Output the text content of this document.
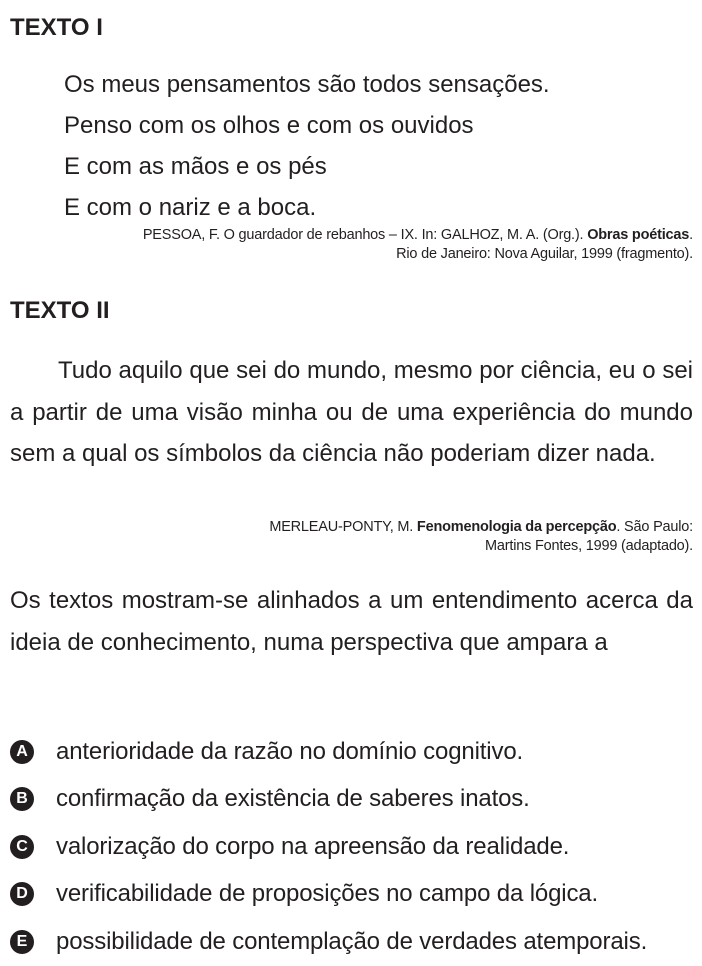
TEXTO I
Os meus pensamentos são todos sensações.
Penso com os olhos e com os ouvidos
E com as mãos e os pés
E com o nariz e a boca.
PESSOA, F. O guardador de rebanhos – IX. In: GALHOZ, M. A. (Org.). Obras poéticas.
Rio de Janeiro: Nova Aguilar, 1999 (fragmento).
TEXTO II

Tudo aquilo que sei do mundo, mesmo por ciência, eu o sei a partir de uma visão minha ou de uma experiência do mundo sem a qual os símbolos da ciência não poderiam dizer nada.

MERLEAU-PONTY, M. Fenomenologia da percepção. São Paulo:
Martins Fontes, 1999 (adaptado).

Os textos mostram-se alinhados a um entendimento acerca da ideia de conhecimento, numa perspectiva que ampara a

A anterioridade da razão no domínio cognitivo.
B confirmação da existência de saberes inatos.
C valorização do corpo na apreensão da realidade.
D verificabilidade de proposições no campo da lógica.
E possibilidade de contemplação de verdades atemporais.
